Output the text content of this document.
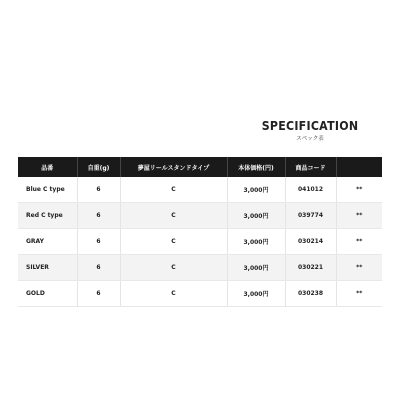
SPECIFICATION
スペック表
品番	自重(g)	夢屋リールスタンドタイプ	本体価格(円)	商品コード	
Blue C type	6	C	3,000円	041012	**
Red C type	6	C	3,000円	039774	**
GRAY	6	C	3,000円	030214	**
SILVER	6	C	3,000円	030221	**
GOLD	6	C	3,000円	030238	**
